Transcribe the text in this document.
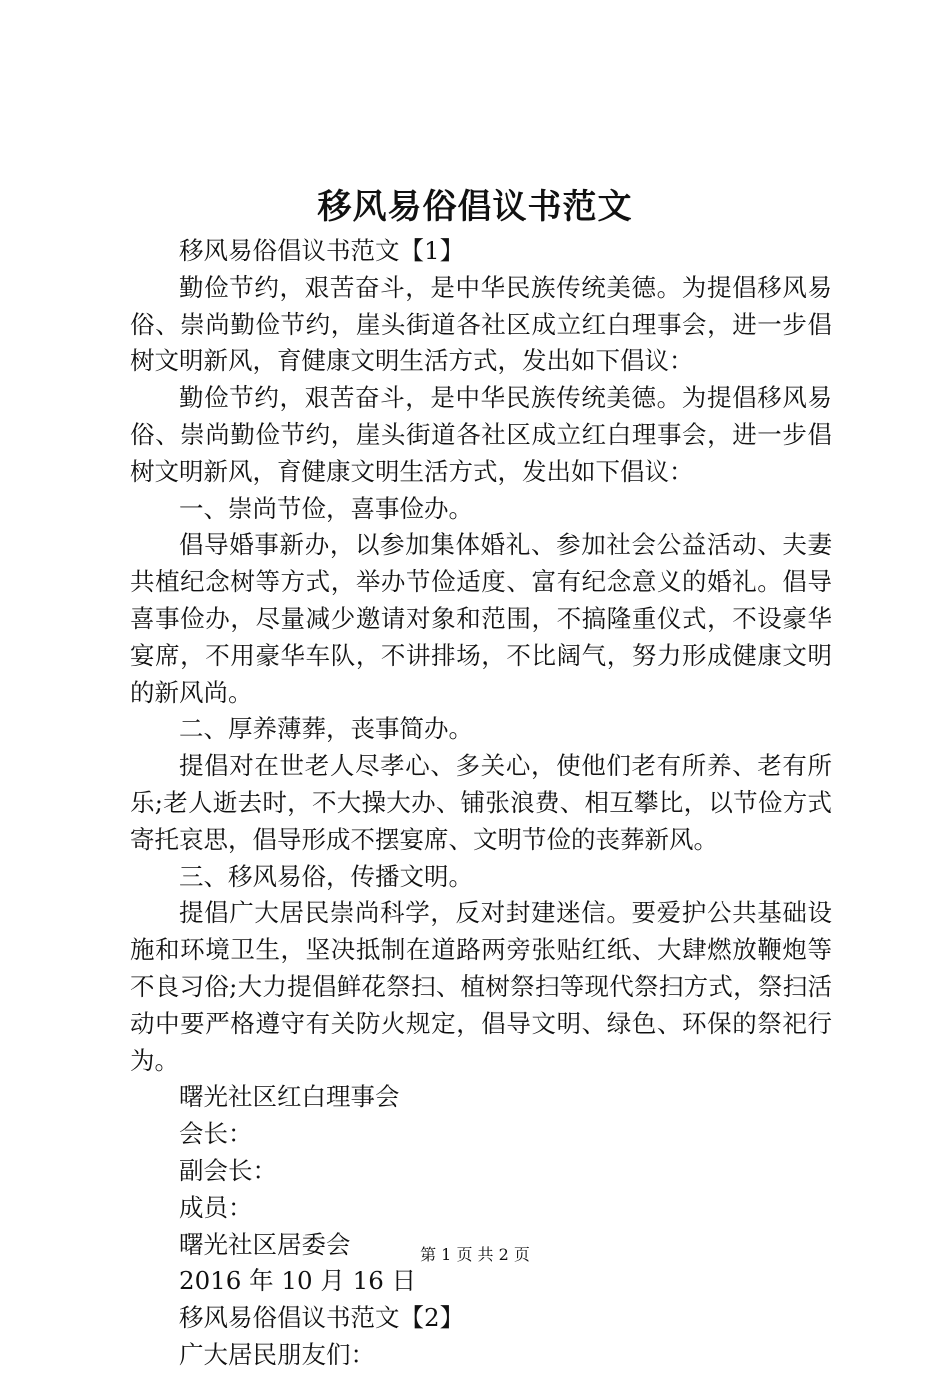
移风易俗倡议书范文

移风易俗倡议书范文【1】

勤俭节约，艰苦奋斗，是中华民族传统美德。为提倡移风易俗、崇尚勤俭节约，崖头街道各社区成立红白理事会，进一步倡树文明新风，育健康文明生活方式，发出如下倡议：

勤俭节约，艰苦奋斗，是中华民族传统美德。为提倡移风易俗、崇尚勤俭节约，崖头街道各社区成立红白理事会，进一步倡树文明新风，育健康文明生活方式，发出如下倡议：

一、崇尚节俭，喜事俭办。

倡导婚事新办，以参加集体婚礼、参加社会公益活动、夫妻共植纪念树等方式，举办节俭适度、富有纪念意义的婚礼。倡导喜事俭办，尽量减少邀请对象和范围，不搞隆重仪式，不设豪华宴席，不用豪华车队，不讲排场，不比阔气，努力形成健康文明的新风尚。

二、厚养薄葬，丧事简办。

提倡对在世老人尽孝心、多关心，使他们老有所养、老有所乐;老人逝去时，不大操大办、铺张浪费、相互攀比，以节俭方式寄托哀思，倡导形成不摆宴席、文明节俭的丧葬新风。

三、移风易俗，传播文明。

提倡广大居民崇尚科学，反对封建迷信。要爱护公共基础设施和环境卫生，坚决抵制在道路两旁张贴红纸、大肆燃放鞭炮等不良习俗;大力提倡鲜花祭扫、植树祭扫等现代祭扫方式，祭扫活动中要严格遵守有关防火规定，倡导文明、绿色、环保的祭祀行为。

曙光社区红白理事会

会长：

副会长：

成员：

曙光社区居委会

2016 年 10 月 16 日

移风易俗倡议书范文【2】

广大居民朋友们：

第 1 页 共 2 页
